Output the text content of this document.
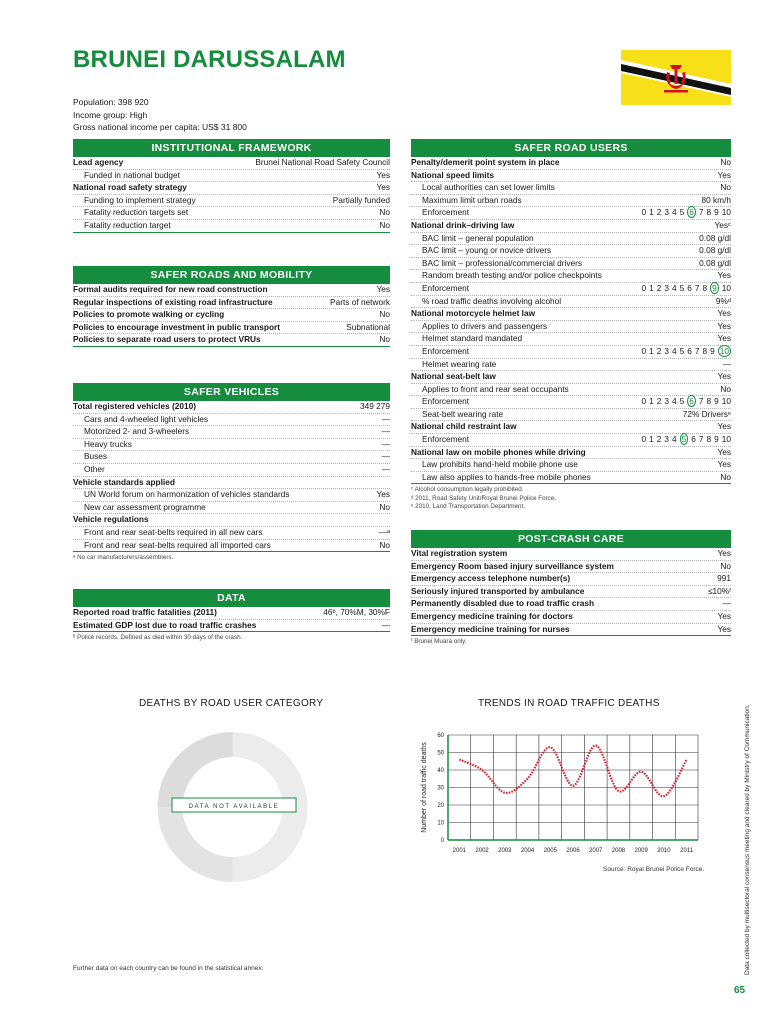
BRUNEI DARUSSALAM
Population: 398 920
Income group: High
Gross national income per capita: US$ 31 800
INSTITUTIONAL FRAMEWORK
Lead agency	Brunei National Road Safety Council
Funded in national budget	Yes
National road safety strategy	Yes
Funding to implement strategy	Partially funded
Fatality reduction targets set	No
Fatality reduction target	No
SAFER ROADS AND MOBILITY
Formal audits required for new road construction	Yes
Regular inspections of existing road infrastructure	Parts of network
Policies to promote walking or cycling	No
Policies to encourage investment in public transport	Subnational
Policies to separate road users to protect VRUs	No
SAFER VEHICLES
Total registered vehicles (2010)	349 279
Cars and 4-wheeled light vehicles	—
Motorized 2- and 3-wheelers	—
Heavy trucks	—
Buses	—
Other	—
Vehicle standards applied
UN World forum on harmonization of vehicles standards	Yes
New car assessment programme	No
Vehicle regulations
Front and rear seat-belts required in all new cars	—ᵃ
Front and rear seat-belts required all imported cars	No
ᵃ No car manufacturers/assemblers.
DATA
Reported road traffic fatalities (2011)	46ᵇ, 70%M, 30%F
Estimated GDP lost due to road traffic crashes	—
ᵇ Police records. Defined as died within 30 days of the crash.
SAFER ROAD USERS
Penalty/demerit point system in place	No
National speed limits	Yes
Local authorities can set lower limits	No
Maximum limit urban roads	80 km/h
Enforcement	0 1 2 3 4 5 6 7 8 9 10
National drink–driving law	Yesᶜ
BAC limit – general population	0.08 g/dl
BAC limit – young or novice drivers	0.08 g/dl
BAC limit – professional/commercial drivers	0.08 g/dl
Random breath testing and/or police checkpoints	Yes
Enforcement	0 1 2 3 4 5 6 7 8 9 10
% road traffic deaths involving alcohol	9%ᵈ
National motorcycle helmet law	Yes
Applies to drivers and passengers	Yes
Helmet standard mandated	Yes
Enforcement	0 1 2 3 4 5 6 7 8 9 10
Helmet wearing rate	—
National seat-belt law	Yes
Applies to front and rear seat occupants	No
Enforcement	0 1 2 3 4 5 6 7 8 9 10
Seat-belt wearing rate	72% Driversᵉ
National child restraint law	Yes
Enforcement	0 1 2 3 4 5 6 7 8 9 10
National law on mobile phones while driving	Yes
Law prohibits hand-held mobile phone use	Yes
Law also applies to hands-free mobile phones	No
ᶜ Alcohol consumption legally prohibited.
ᵈ 2011, Road Safety Unit/Royal Brunei Police Force.
ᵉ 2010, Land Transportation Department.
POST-CRASH CARE
Vital registration system	Yes
Emergency Room based injury surveillance system	No
Emergency access telephone number(s)	991
Seriously injured transported by ambulance	≤10%ᶠ
Permanently disabled due to road traffic crash	—
Emergency medicine training for doctors	Yes
Emergency medicine training for nurses	Yes
ᶠ Brunei Muara only.
DEATHS BY ROAD USER CATEGORY
DATA NOT AVAILABLE
TRENDS IN ROAD TRAFFIC DEATHS
0
10
20
30
40
50
60
2001 2002 2003 2004 2005 2006 2007 2008 2009 2010 2011
Number of road traffic deaths
Source: Royal Brunei Police Force.	Data collected by multisectoral consensus meeting and cleared by Ministry of Communication.
Further data on each country can be found in the statistical annex.
65
